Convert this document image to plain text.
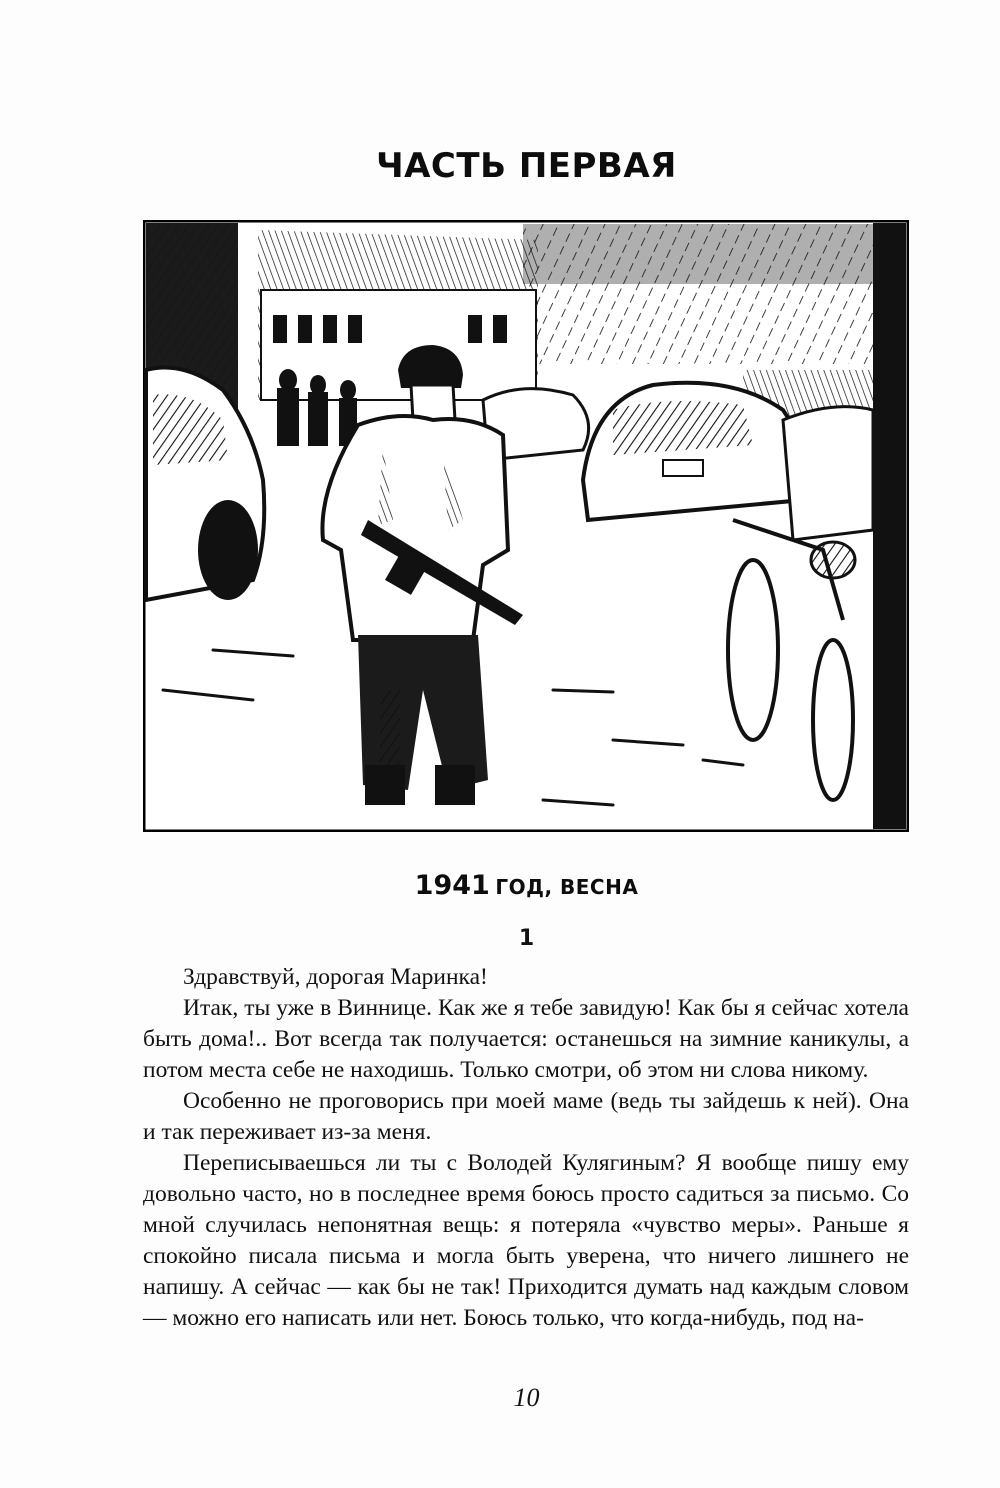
ЧАСТЬ ПЕРВАЯ
1941 ГОД, ВЕСНА
1

Здравствуй, дорогая Маринка!

Итак, ты уже в Виннице. Как же я тебе завидую! Как бы я сейчас хотела быть дома!.. Вот всегда так получается: останешься на зимние каникулы, а потом места себе не находишь. Только смотри, об этом ни слова никому.

Особенно не проговорись при моей маме (ведь ты зайдешь к ней). Она и так переживает из-за меня.

Переписываешься ли ты с Володей Кулягиным? Я вообще пишу ему довольно часто, но в последнее время боюсь просто садиться за письмо. Со мной случилась непонятная вещь: я потеряла «чувство меры». Раньше я спокойно писала письма и могла быть уверена, что ничего лишнего не напишу. А сейчас — как бы не так! Приходится думать над каждым словом — можно его написать или нет. Боюсь только, что когда-нибудь, под на-

10
